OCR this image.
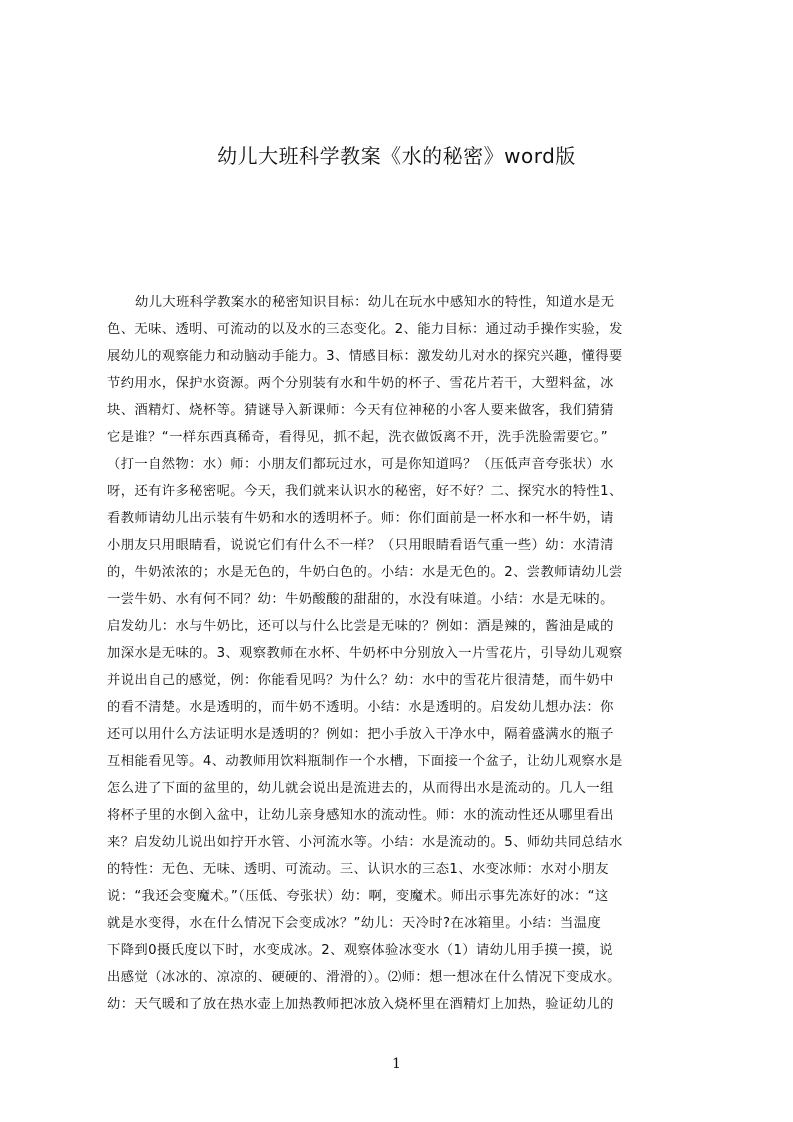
幼儿大班科学教案《水的秘密》word版
幼儿大班科学教案水的秘密知识目标：幼儿在玩水中感知水的特性，知道水是无
色、无味、透明、可流动的以及水的三态变化。2、能力目标：通过动手操作实验，发
展幼儿的观察能力和动脑动手能力。3、情感目标：激发幼儿对水的探究兴趣，懂得要
节约用水，保护水资源。两个分别装有水和牛奶的杯子、雪花片若干，大塑料盆，冰
块、酒精灯、烧杯等。猜谜导入新课师：今天有位神秘的小客人要来做客，我们猜猜
它是谁？“一样东西真稀奇，看得见，抓不起，洗衣做饭离不开，洗手洗脸需要它。”
（打一自然物：水）师：小朋友们都玩过水，可是你知道吗？（压低声音夸张状）水
呀，还有许多秘密呢。今天，我们就来认识水的秘密，好不好？二、探究水的特性1、
看教师请幼儿出示装有牛奶和水的透明杯子。师：你们面前是一杯水和一杯牛奶，请
小朋友只用眼睛看，说说它们有什么不一样？（只用眼睛看语气重一些）幼：水清清
的，牛奶浓浓的；水是无色的，牛奶白色的。小结：水是无色的。2、尝教师请幼儿尝
一尝牛奶、水有何不同？幼：牛奶酸酸的甜甜的，水没有味道。小结：水是无味的。
启发幼儿：水与牛奶比，还可以与什么比尝是无味的？例如：酒是辣的，酱油是咸的
加深水是无味的。3、观察教师在水杯、牛奶杯中分别放入一片雪花片，引导幼儿观察
并说出自己的感觉，例：你能看见吗？为什么？幼：水中的雪花片很清楚，而牛奶中
的看不清楚。水是透明的，而牛奶不透明。小结：水是透明的。启发幼儿想办法：你
还可以用什么方法证明水是透明的？例如：把小手放入干净水中，隔着盛满水的瓶子
互相能看见等。4、动教师用饮料瓶制作一个水槽，下面接一个盆子，让幼儿观察水是
怎么进了下面的盆里的，幼儿就会说出是流进去的，从而得出水是流动的。几人一组
将杯子里的水倒入盆中，让幼儿亲身感知水的流动性。师：水的流动性还从哪里看出
来？启发幼儿说出如拧开水管、小河流水等。小结：水是流动的。5、师幼共同总结水
的特性：无色、无味、透明、可流动。三、认识水的三态1、水变冰师：水对小朋友
说：“我还会变魔术。”（压低、夸张状）幼：啊，变魔术。师出示事先冻好的冰：“这
就是水变得，水在什么情况下会变成冰？”幼儿：天冷时?在冰箱里。小结：当温度
下降到0摄氏度以下时，水变成冰。2、观察体验冰变水（1）请幼儿用手摸一摸，说
出感觉（冰冰的、凉凉的、硬硬的、滑滑的）。⑵师：想一想冰在什么情况下变成水。
幼：天气暖和了放在热水壶上加热教师把冰放入烧杯里在酒精灯上加热，验证幼儿的
1
